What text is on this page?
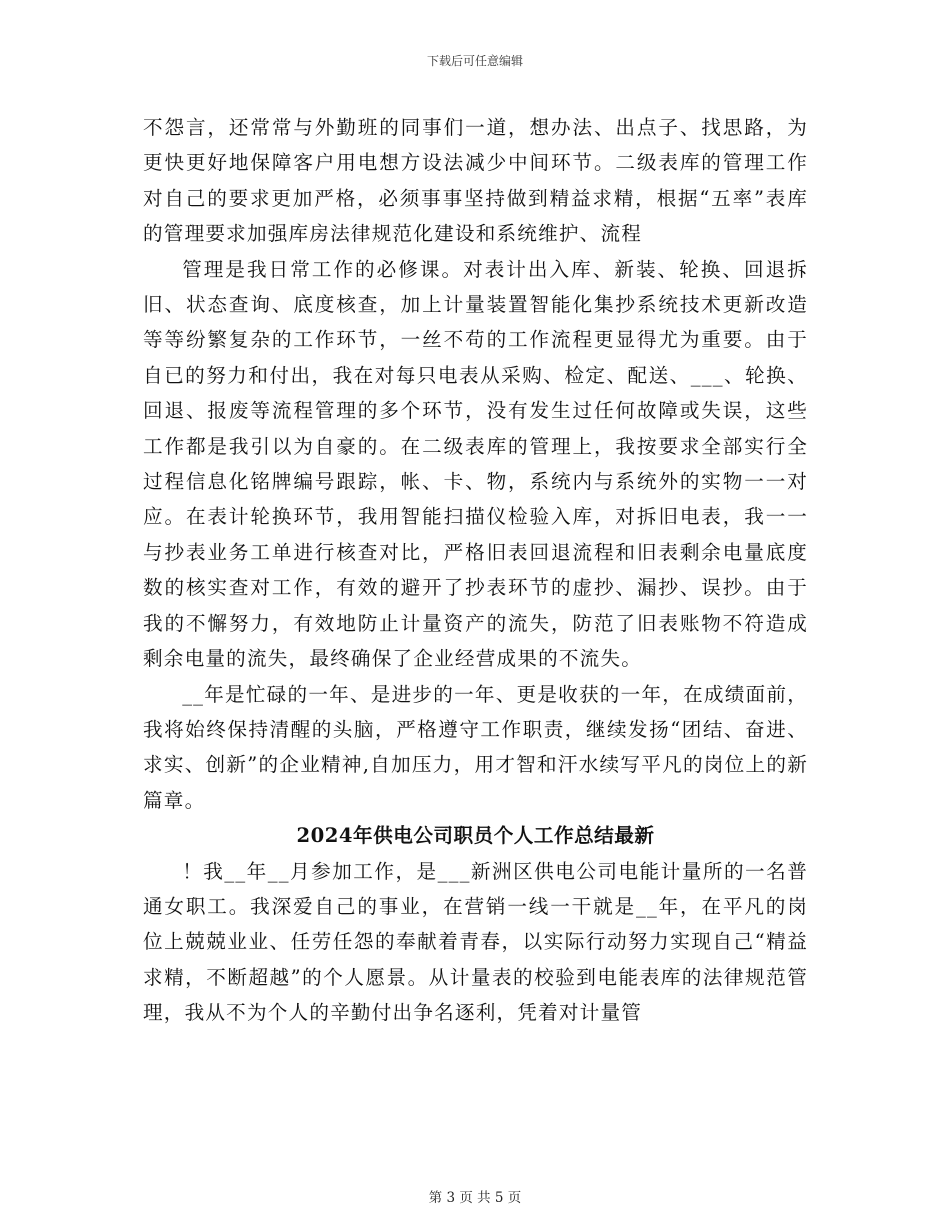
下载后可任意编辑

不怨言，还常常与外勤班的同事们一道，想办法、出点子、找思路，为更快更好地保障客户用电想方设法减少中间环节。二级表库的管理工作对自己的要求更加严格，必须事事坚持做到精益求精，根据“五率”表库的管理要求加强库房法律规范化建设和系统维护、流程

管理是我日常工作的必修课。对表计出入库、新装、轮换、回退拆旧、状态查询、底度核查，加上计量装置智能化集抄系统技术更新改造等等纷繁复杂的工作环节，一丝不苟的工作流程更显得尤为重要。由于自已的努力和付出，我在对每只电表从采购、检定、配送、___、轮换、回退、报废等流程管理的多个环节，没有发生过任何故障或失误，这些工作都是我引以为自豪的。在二级表库的管理上，我按要求全部实行全过程信息化铭牌编号跟踪，帐、卡、物，系统内与系统外的实物一一对应。在表计轮换环节，我用智能扫描仪检验入库，对拆旧电表，我一一与抄表业务工单进行核查对比，严格旧表回退流程和旧表剩余电量底度数的核实查对工作，有效的避开了抄表环节的虚抄、漏抄、误抄。由于我的不懈努力，有效地防止计量资产的流失，防范了旧表账物不符造成剩余电量的流失，最终确保了企业经营成果的不流失。

__年是忙碌的一年、是进步的一年、更是收获的一年，在成绩面前，我将始终保持清醒的头脑，严格遵守工作职责，继续发扬“团结、奋进、求实、创新”的企业精神,自加压力，用才智和汗水续写平凡的岗位上的新篇章。

2024年供电公司职员个人工作总结最新

！我__年__月参加工作，是___新洲区供电公司电能计量所的一名普通女职工。我深爱自己的事业，在营销一线一干就是__年，在平凡的岗位上兢兢业业、任劳任怨的奉献着青春，以实际行动努力实现自己“精益求精，不断超越”的个人愿景。从计量表的校验到电能表库的法律规范管理，我从不为个人的辛勤付出争名逐利，凭着对计量管

第 3 页 共 5 页
